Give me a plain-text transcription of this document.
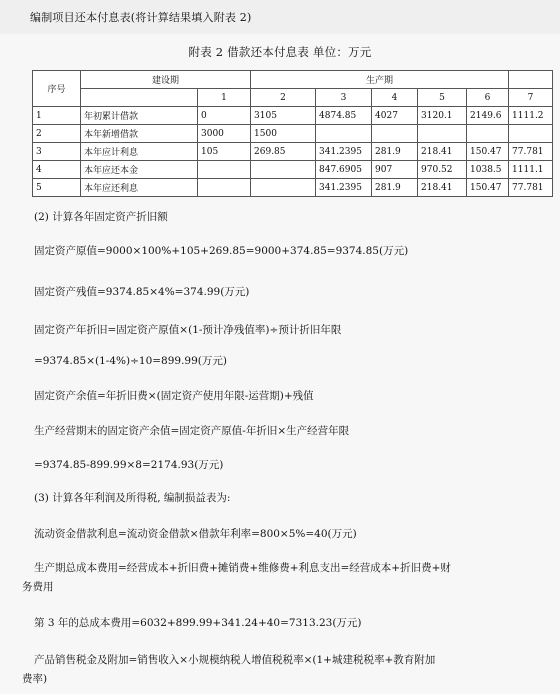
编制项目还本付息表(将计算结果填入附表 2)
附表 2 借款还本付息表 单位：万元
序号	建设期		生产期					
		1	2	3	4	5	6	7
1	年初累计借款	0	3105	4874.85	4027	3120.1	2149.6	1111.2
2	本年新增借款	3000	1500					
3	本年应计利息	105	269.85	341.2395	281.9	218.41	150.47	77.781
4	本年应还本金			847.6905	907	970.52	1038.5	1111.1
5	本年应还利息			341.2395	281.9	218.41	150.47	77.781
(2) 计算各年固定资产折旧额
固定资产原值=9000×100%+105+269.85=9000+374.85=9374.85(万元)
固定资产残值=9374.85×4%=374.99(万元)
固定资产年折旧=固定资产原值×(1-预计净残值率)÷预计折旧年限
=9374.85×(1-4%)÷10=899.99(万元)
固定资产余值=年折旧费×(固定资产使用年限-运营期)+残值
生产经营期末的固定资产余值=固定资产原值-年折旧×生产经营年限
=9374.85-899.99×8=2174.93(万元)
(3) 计算各年利润及所得税, 编制损益表为:
流动资金借款利息=流动资金借款×借款年利率=800×5%=40(万元)
生产期总成本费用=经营成本+折旧费+摊销费+维修费+利息支出=经营成本+折旧费+财
务费用
第 3 年的总成本费用=6032+899.99+341.24+40=7313.23(万元)
产品销售税金及附加=销售收入×小规模纳税人增值税税率×(1+城建税税率+教育附加
费率)
